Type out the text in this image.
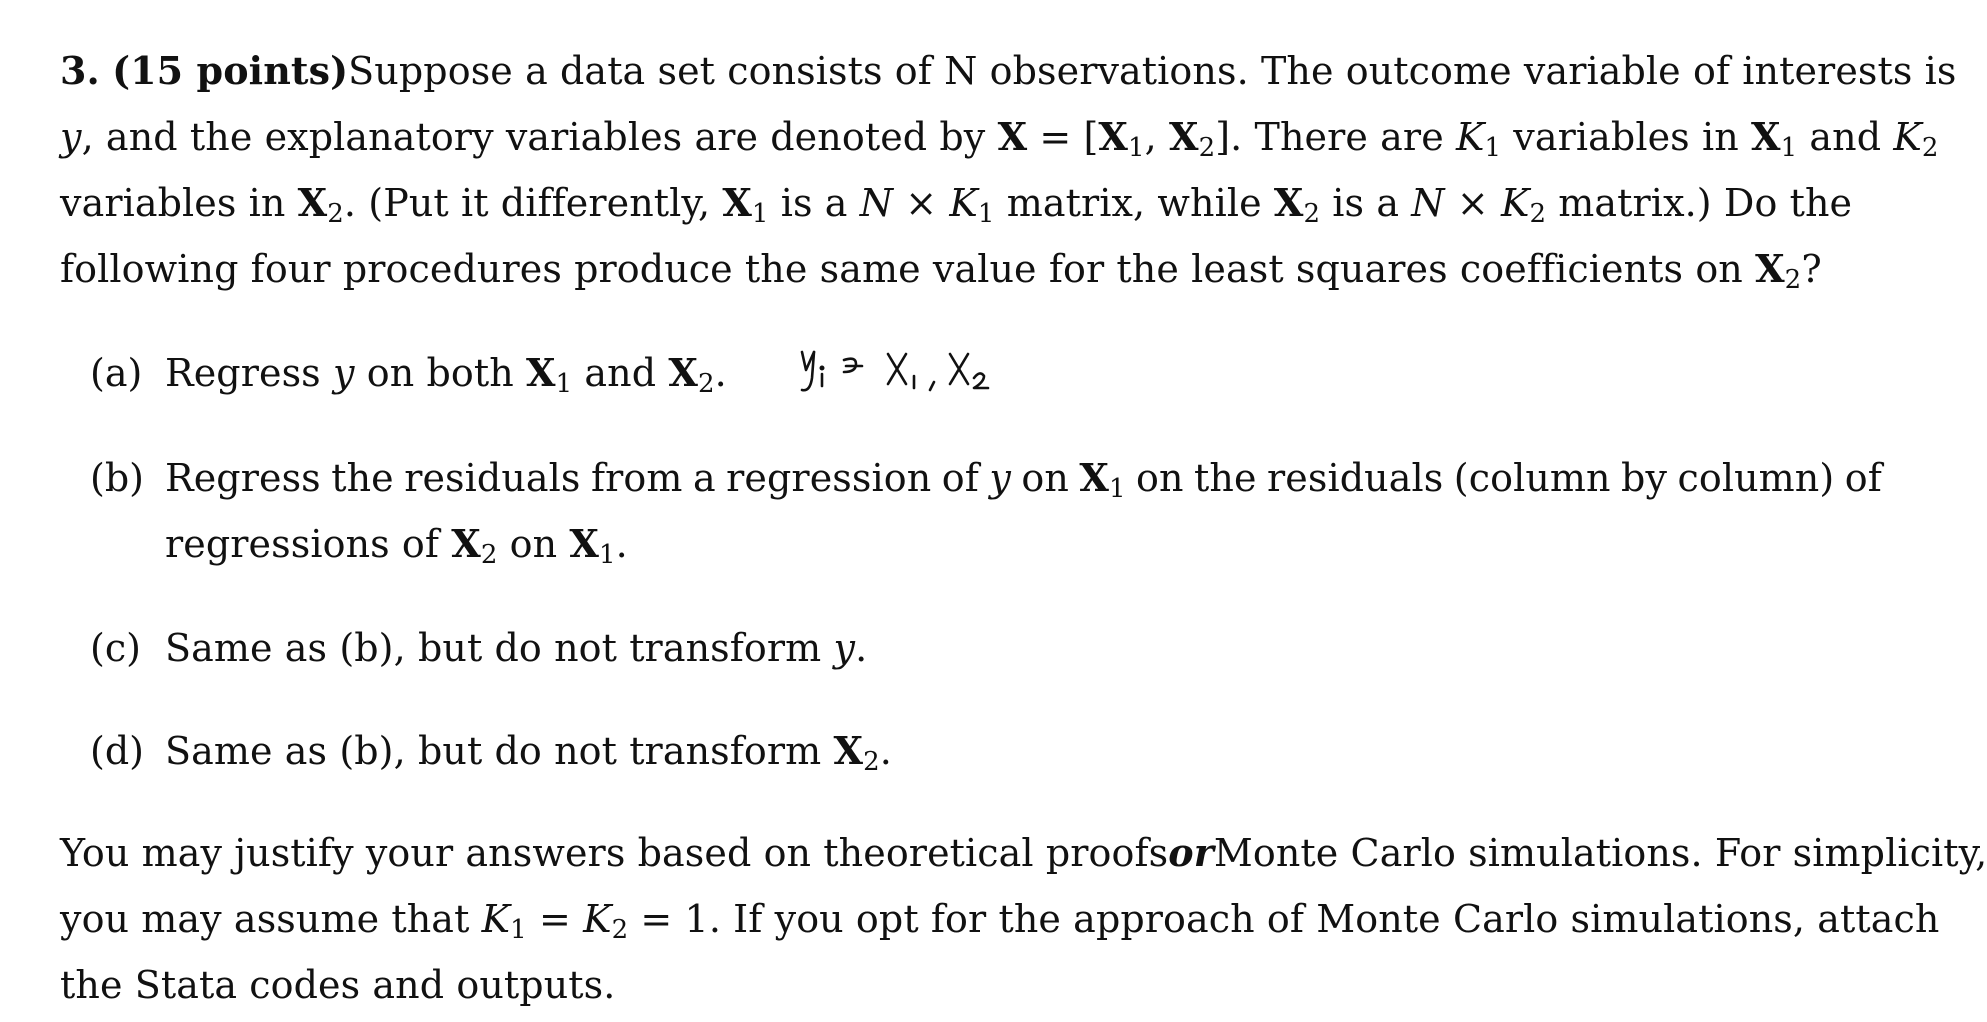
3. (15 points) Suppose a data set consists of N observations. The outcome variable of interests is
y, and the explanatory variables are denoted by $X = [X_1$, $X_2$]. There are $K_1$ variables in $X_1$ and $K_2$
variables in $X_2$. (Put it differently, $X_1$ is a $N \times K_1$ matrix, while $X_2$ is a $N \times K_2$ matrix.) Do the
following four procedures produce the same value for the least squares coefficients on $X_2$?
(a) Regress y on both $X_1$ and $X_2$.
(b) Regress the residuals from a regression of y on $X_1$ on the residuals (column by column) of
regressions of $X_2$ on $X_1$.
(c) Same as (b), but do not transform y.
(d) Same as (b), but do not transform $X_2$.
You may justify your answers based on theoretical proofs or Monte Carlo simulations. For simplicity,
you may assume that $K_1 = K_2 = 1$. If you opt for the approach of Monte Carlo simulations, attach
the Stata codes and outputs.
